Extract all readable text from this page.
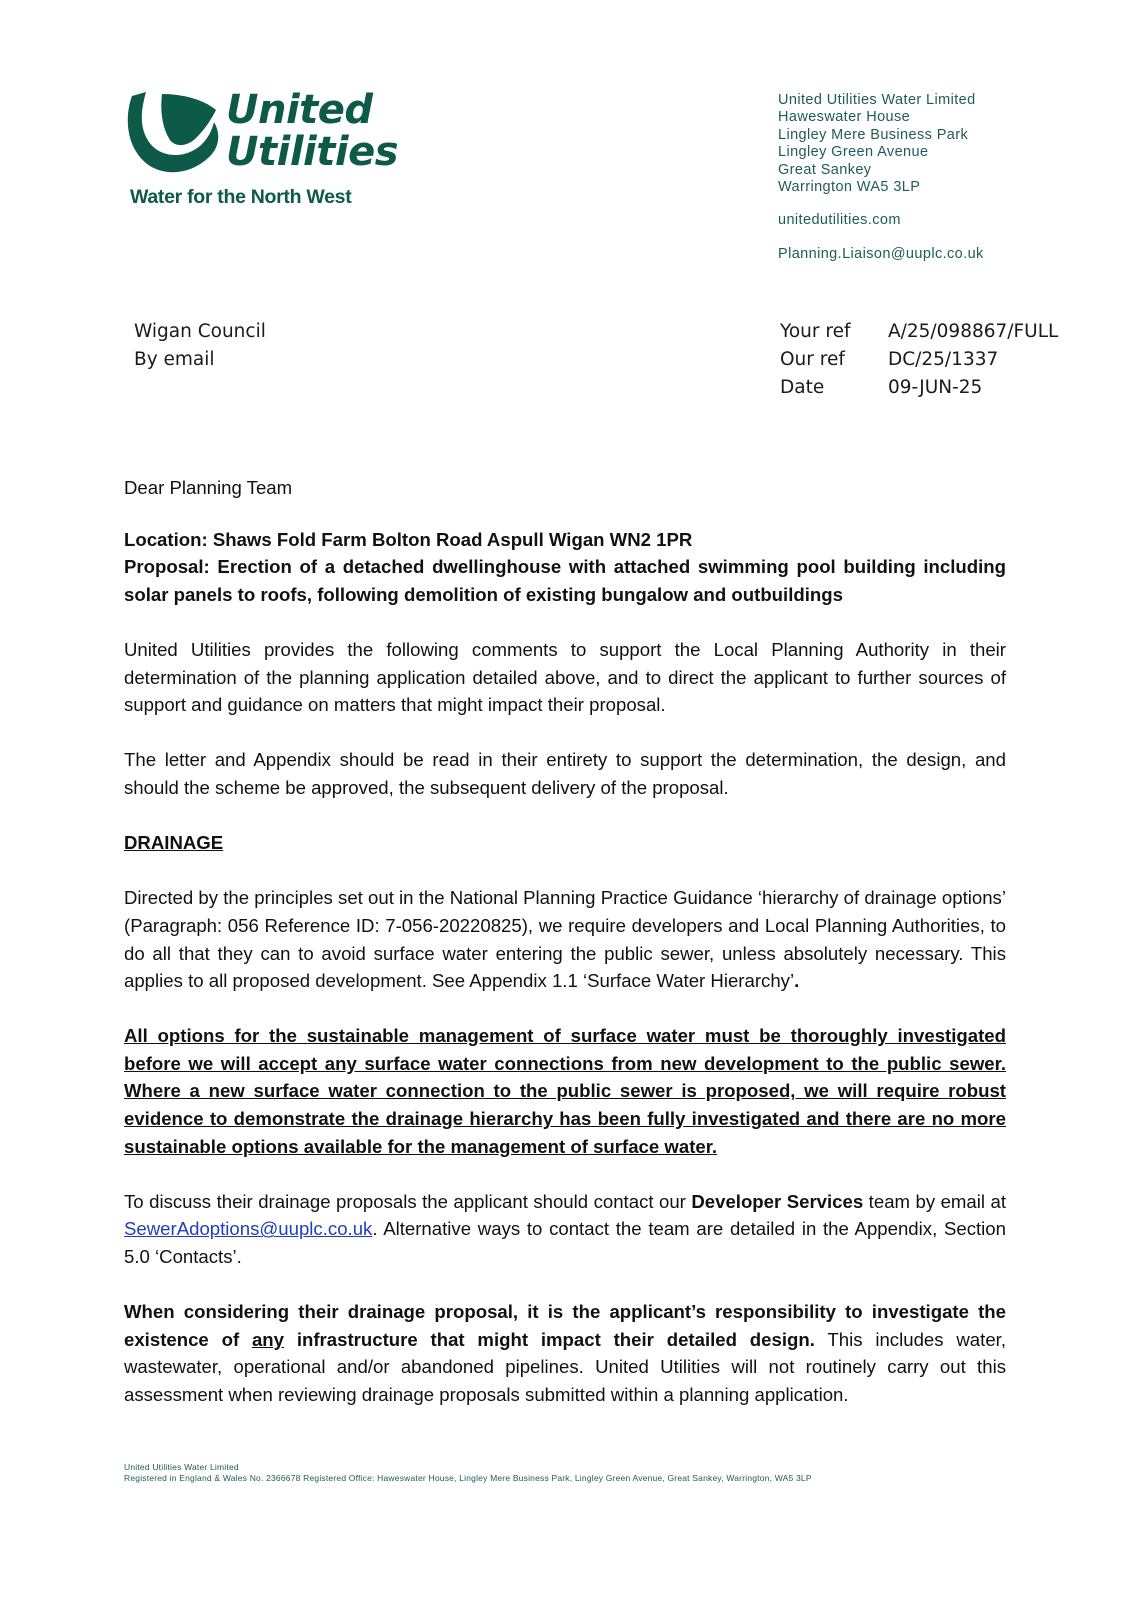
United
Utilities
Water for the North West
United Utilities Water Limited
Haweswater House
Lingley Mere Business Park
Lingley Green Avenue
Great Sankey
Warrington WA5 3LP
unitedutilities.com
Planning.Liaison@uuplc.co.uk
Wigan Council
By email
Your ref	A/25/098867/FULL
Our ref	DC/25/1337
Date	09-JUN-25

Dear Planning Team

Location: Shaws Fold Farm Bolton Road Aspull Wigan WN2 1PR
Proposal: Erection of a detached dwellinghouse with attached swimming pool building including solar panels to roofs, following demolition of existing bungalow and outbuildings

United Utilities provides the following comments to support the Local Planning Authority in their determination of the planning application detailed above, and to direct the applicant to further sources of support and guidance on matters that might impact their proposal.

The letter and Appendix should be read in their entirety to support the determination, the design, and should the scheme be approved, the subsequent delivery of the proposal.

DRAINAGE

Directed by the principles set out in the National Planning Practice Guidance ‘hierarchy of drainage options’ (Paragraph: 056 Reference ID: 7-056-20220825), we require developers and Local Planning Authorities, to do all that they can to avoid surface water entering the public sewer, unless absolutely necessary. This applies to all proposed development. See Appendix 1.1 ‘Surface Water Hierarchy’.

All options for the sustainable management of surface water must be thoroughly investigated before we will accept any surface water connections from new development to the public sewer. Where a new surface water connection to the public sewer is proposed, we will require robust evidence to demonstrate the drainage hierarchy has been fully investigated and there are no more sustainable options available for the management of surface water.

To discuss their drainage proposals the applicant should contact our Developer Services team by email at SewerAdoptions@uuplc.co.uk. Alternative ways to contact the team are detailed in the Appendix, Section 5.0 ‘Contacts’.

When considering their drainage proposal, it is the applicant’s responsibility to investigate the existence of any infrastructure that might impact their detailed design. This includes water, wastewater, operational and/or abandoned pipelines. United Utilities will not routinely carry out this assessment when reviewing drainage proposals submitted within a planning application.

United Utilities Water Limited
Registered in England & Wales No. 2366678 Registered Office: Haweswater House, Lingley Mere Business Park, Lingley Green Avenue, Great Sankey, Warrington, WA5 3LP
